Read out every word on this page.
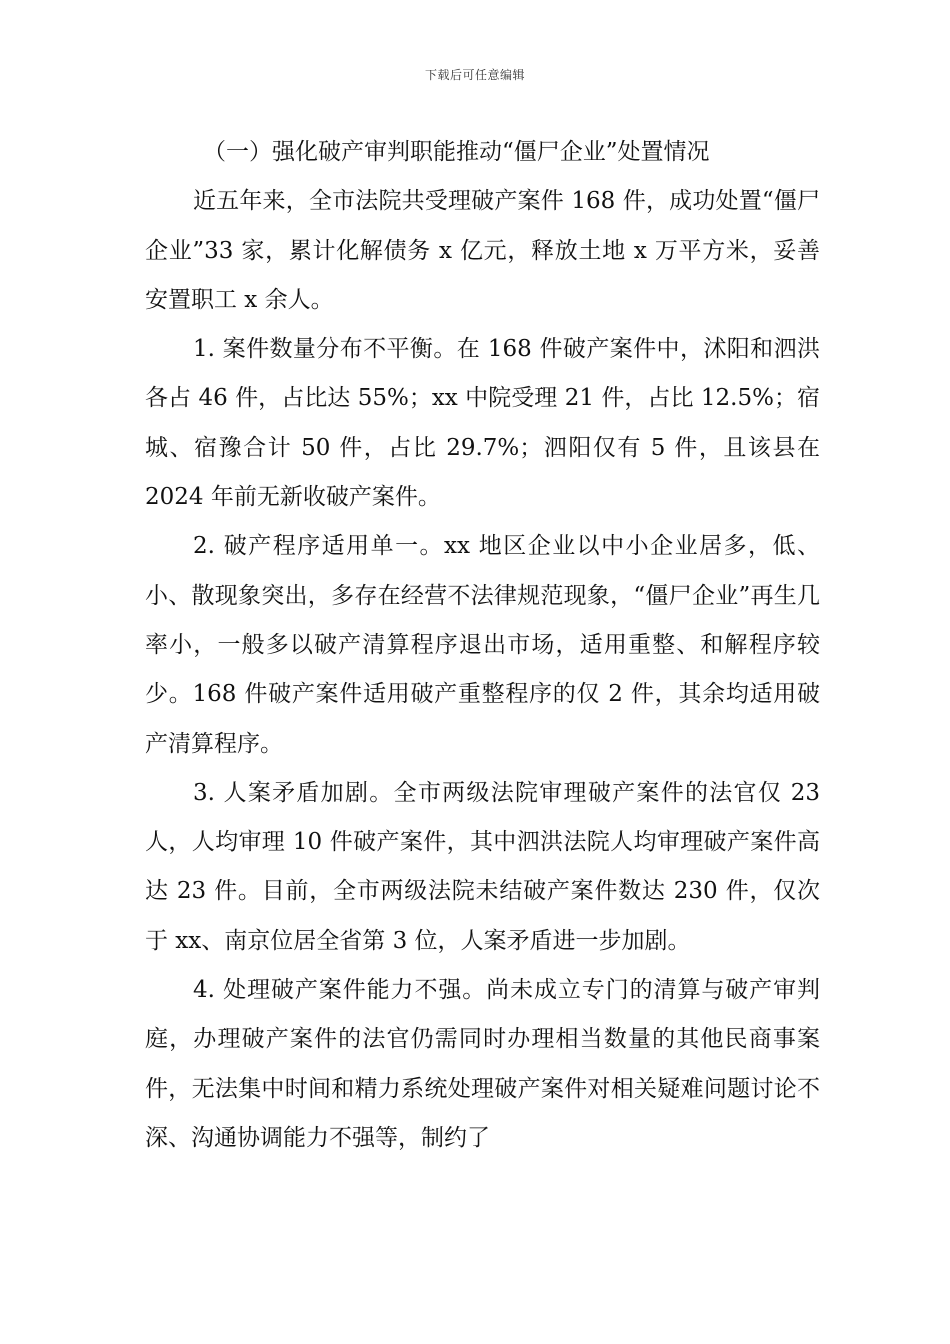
下载后可任意编辑
（一）强化破产审判职能推动“僵尸企业”处置情况

近五年来，全市法院共受理破产案件 168 件，成功处置“僵尸企业”33 家，累计化解债务 x 亿元，释放土地 x 万平方米，妥善安置职工 x 余人。

1. 案件数量分布不平衡。在 168 件破产案件中，沭阳和泗洪各占 46 件，占比达 55%；xx 中院受理 21 件，占比 12.5%；宿城、宿豫合计 50 件，占比 29.7%；泗阳仅有 5 件，且该县在 2024 年前无新收破产案件。

2. 破产程序适用单一。xx 地区企业以中小企业居多，低、小、散现象突出，多存在经营不法律规范现象，“僵尸企业”再生几率小，一般多以破产清算程序退出市场，适用重整、和解程序较少。168 件破产案件适用破产重整程序的仅 2 件，其余均适用破产清算程序。

3. 人案矛盾加剧。全市两级法院审理破产案件的法官仅 23 人，人均审理 10 件破产案件，其中泗洪法院人均审理破产案件高达 23 件。目前，全市两级法院未结破产案件数达 230 件，仅次于 xx、南京位居全省第 3 位，人案矛盾进一步加剧。

4. 处理破产案件能力不强。尚未成立专门的清算与破产审判庭，办理破产案件的法官仍需同时办理相当数量的其他民商事案件，无法集中时间和精力系统处理破产案件对相关疑难问题讨论不深、沟通协调能力不强等，制约了
